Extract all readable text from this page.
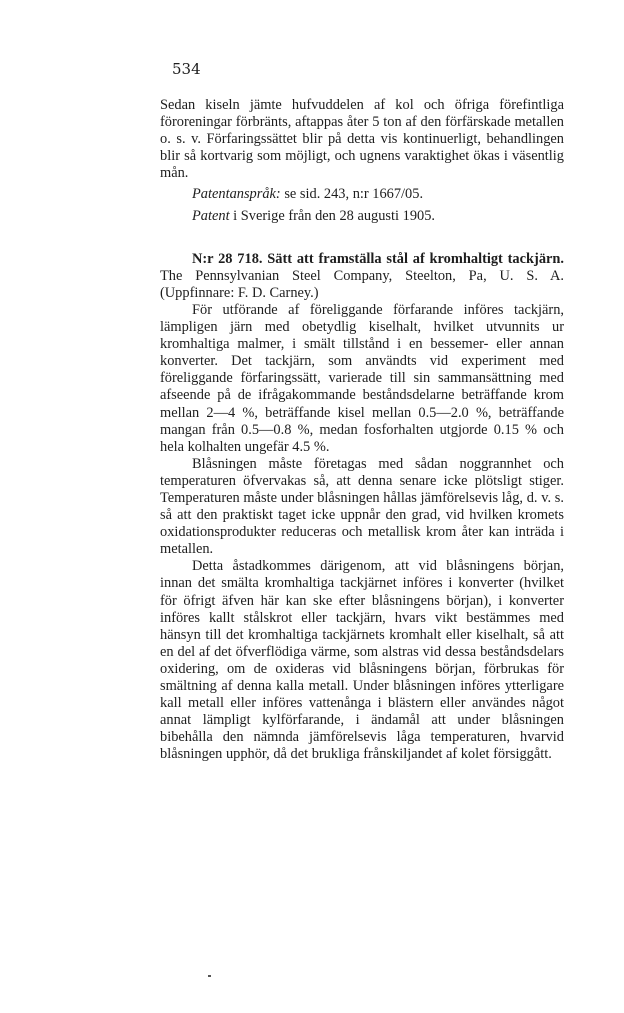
534

Sedan kiseln jämte hufvuddelen af kol och öfriga förefintliga föroreningar förbränts, aftappas åter 5 ton af den förfärskade metallen o. s. v. Förfaringssättet blir på detta vis kontinuerligt, behandlingen blir så kortvarig som möjligt, och ugnens varaktighet ökas i väsentlig mån.

Patentanspråk: se sid. 243, n:r 1667/05.

Patent i Sverige från den 28 augusti 1905.

N:r 28 718. Sätt att framställa stål af kromhaltigt tackjärn. The Pennsylvanian Steel Company, Steelton, Pa, U. S. A. (Uppfinnare: F. D. Carney.)

För utförande af föreliggande förfarande införes tackjärn, lämpligen järn med obetydlig kiselhalt, hvilket utvunnits ur kromhaltiga malmer, i smält tillstånd i en bessemer- eller annan konverter. Det tackjärn, som användts vid experiment med föreliggande förfaringssätt, varierade till sin sammansättning med afseende på de ifrågakommande beståndsdelarne beträffande krom mellan 2—4 %, beträffande kisel mellan 0.5—2.0 %, beträffande mangan från 0.5—0.8 %, medan fosforhalten utgjorde 0.15 % och hela kolhalten ungefär 4.5 %.

Blåsningen måste företagas med sådan noggrannhet och temperaturen öfvervakas så, att denna senare icke plötsligt stiger. Temperaturen måste under blåsningen hållas jämförelsevis låg, d. v. s. så att den praktiskt taget icke uppnår den grad, vid hvilken kromets oxidationsprodukter reduceras och metallisk krom åter kan inträda i metallen.

Detta åstadkommes därigenom, att vid blåsningens början, innan det smälta kromhaltiga tackjärnet införes i konverter (hvilket för öfrigt äfven här kan ske efter blåsningens början), i konverter införes kallt stålskrot eller tackjärn, hvars vikt bestämmes med hänsyn till det kromhaltiga tackjärnets kromhalt eller kiselhalt, så att en del af det öfverflödiga värme, som alstras vid dessa beståndsdelars oxidering, om de oxideras vid blåsningens början, förbrukas för smältning af denna kalla metall. Under blåsningen införes ytterligare kall metall eller införes vattenånga i blästern eller användes något annat lämpligt kylförfarande, i ändamål att under blåsningen bibehålla den nämnda jämförelsevis låga temperaturen, hvarvid blåsningen upphör, då det brukliga frånskiljandet af kolet försiggått.
